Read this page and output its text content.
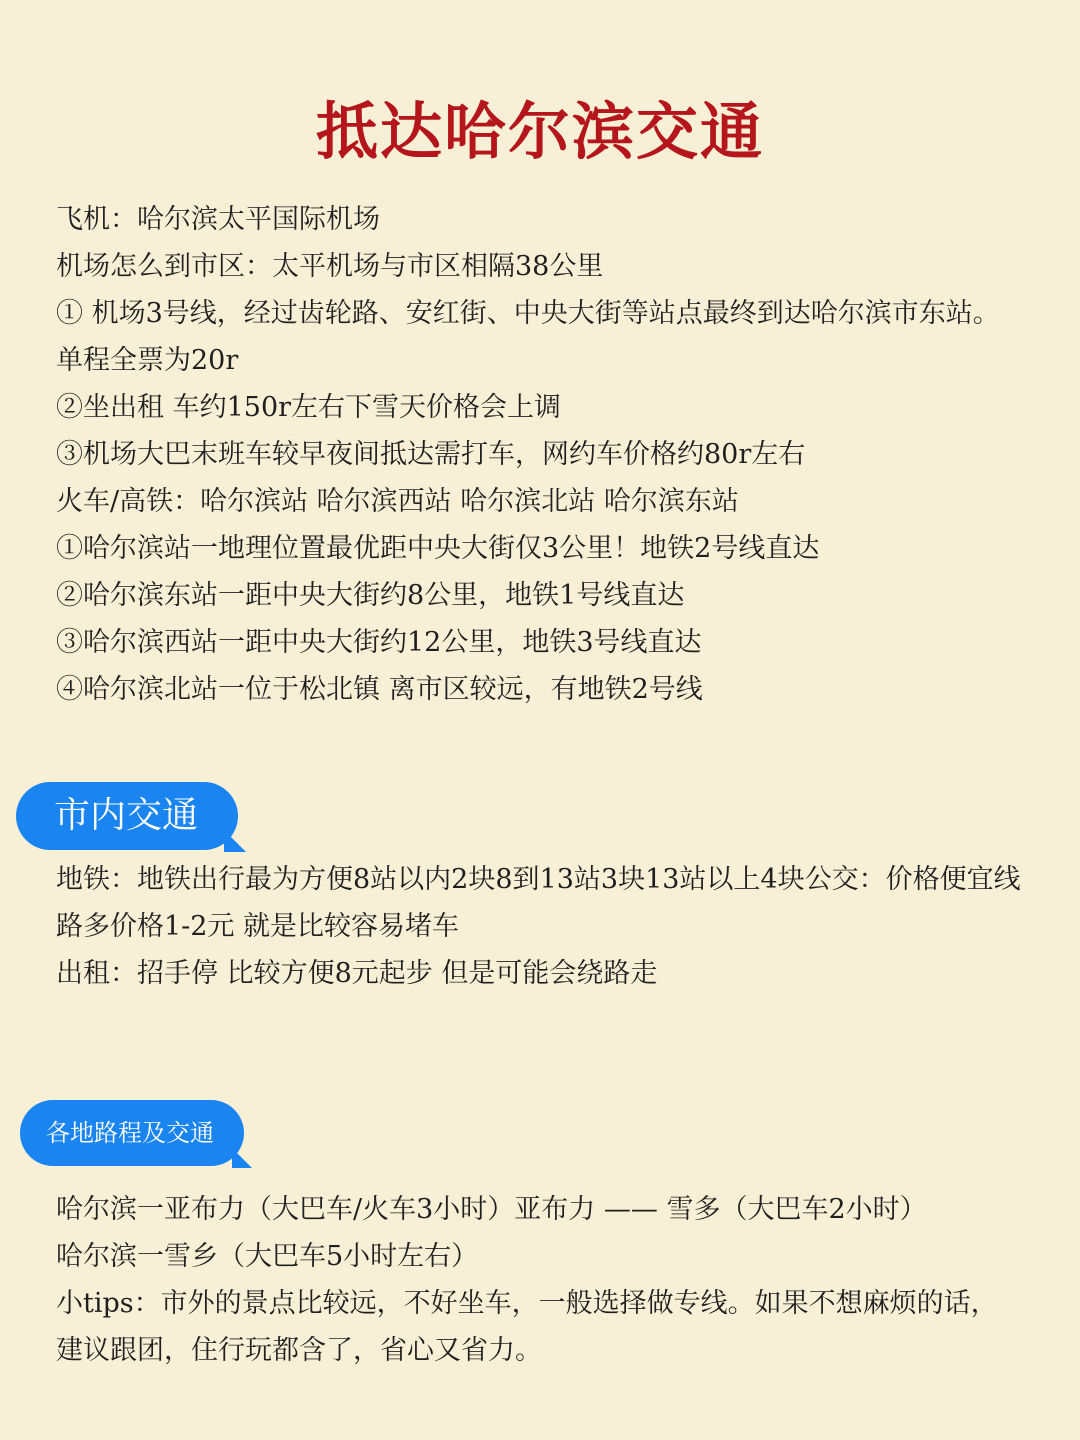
抵达哈尔滨交通

飞机：哈尔滨太平国际机场

机场怎么到市区：太平机场与市区相隔38公里

① 机场3号线，经过齿轮路、安红街、中央大街等站点最终到达哈尔滨市东站。

单程全票为20r

②坐出租 车约150r左右下雪天价格会上调

③机场大巴末班车较早夜间抵达需打车，网约车价格约80r左右

火车/高铁：哈尔滨站 哈尔滨西站 哈尔滨北站 哈尔滨东站

①哈尔滨站一地理位置最优距中央大街仅3公里！地铁2号线直达

②哈尔滨东站一距中央大街约8公里，地铁1号线直达

③哈尔滨西站一距中央大街约12公里，地铁3号线直达

④哈尔滨北站一位于松北镇 离市区较远，有地铁2号线

市内交通

地铁：地铁出行最为方便8站以内2块8到13站3块13站以上4块公交：价格便宜线

路多价格1-2元 就是比较容易堵车

出租：招手停 比较方便8元起步 但是可能会绕路走

各地路程及交通

哈尔滨一亚布力（大巴车/火车3小时）亚布力 —— 雪多（大巴车2小时）

哈尔滨一雪乡（大巴车5小时左右）

小tips：市外的景点比较远，不好坐车，一般选择做专线。如果不想麻烦的话，

建议跟团，住行玩都含了，省心又省力。
